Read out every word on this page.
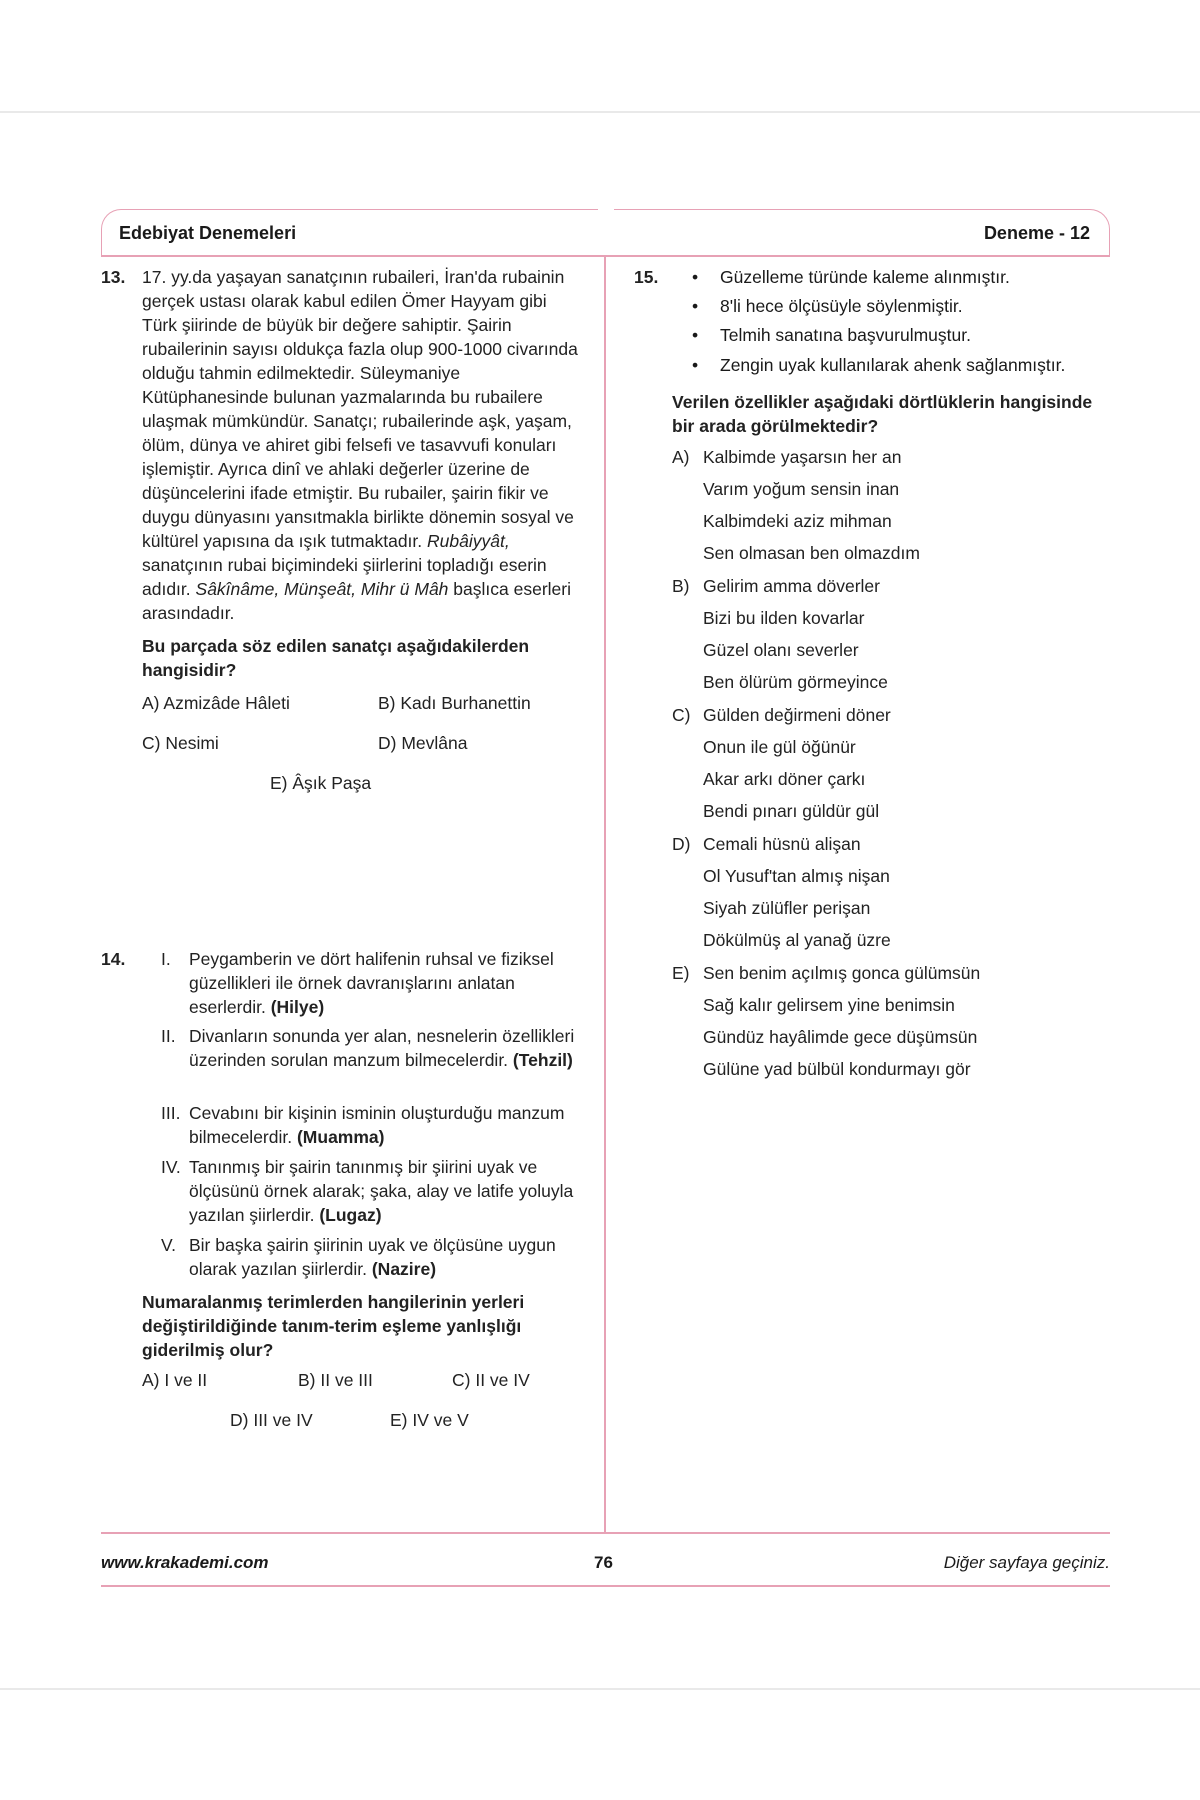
Edebiyat Denemeleri	Deneme - 12
13. 17. yy.da yaşayan sanatçının rubaileri, İran'da rubainin gerçek ustası olarak kabul edilen Ömer Hayyam gibi Türk şiirinde de büyük bir değere sahiptir. Şairin rubailerinin sayısı oldukça fazla olup 900-1000 civarında olduğu tahmin edilmektedir. Süleymaniye Kütüphanesinde bulunan yazmalarında bu rubailere ulaşmak mümkündür. Sanatçı; rubailerinde aşk, yaşam, ölüm, dünya ve ahiret gibi felsefi ve tasavvufi konuları işlemiştir. Ayrıca dinî ve ahlaki değerler üzerine de düşüncelerini ifade etmiştir. Bu rubailer, şairin fikir ve duygu dünyasını yansıtmakla birlikte dönemin sosyal ve kültürel yapısına da ışık tutmaktadır. Rubâiyyât, sanatçının rubai biçimindeki şiirlerini topladığı eserin adıdır. Sâkînâme, Münşeât, Mihr ü Mâh başlıca eserleri arasındadır.
Bu parçada söz edilen sanatçı aşağıdakilerden hangisidir?
A) Azmizâde Hâleti	B) Kadı Burhanettin
C) Nesimi	D) Mevlâna
E) Âşık Paşa
14. I. Peygamberin ve dört halifenin ruhsal ve fiziksel güzellikleri ile örnek davranışlarını anlatan eserlerdir. (Hilye)
II. Divanların sonunda yer alan, nesnelerin özellikleri üzerinden sorulan manzum bilmecelerdir. (Tehzil)
III. Cevabını bir kişinin isminin oluşturduğu manzum bilmecelerdir. (Muamma)
IV. Tanınmış bir şairin tanınmış bir şiirini uyak ve ölçüsünü örnek alarak; şaka, alay ve latife yoluyla yazılan şiirlerdir. (Lugaz)
V. Bir başka şairin şiirinin uyak ve ölçüsüne uygun olarak yazılan şiirlerdir. (Nazire)
Numaralanmış terimlerden hangilerinin yerleri değiştirildiğinde tanım-terim eşleme yanlışlığı giderilmiş olur?
A) I ve II	B) II ve III	C) II ve IV
D) III ve IV	E) IV ve V
15. • Güzelleme türünde kaleme alınmıştır.
• 8'li hece ölçüsüyle söylenmiştir.
• Telmih sanatına başvurulmuştur.
• Zengin uyak kullanılarak ahenk sağlanmıştır.
Verilen özellikler aşağıdaki dörtlüklerin hangisinde bir arada görülmektedir?
A) Kalbimde yaşarsın her an
Varım yoğum sensin inan
Kalbimdeki aziz mihman
Sen olmasan ben olmazdım
B) Gelirim amma döverler
Bizi bu ilden kovarlar
Güzel olanı severler
Ben ölürüm görmeyince
C) Gülden değirmeni döner
Onun ile gül öğünür
Akar arkı döner çarkı
Bendi pınarı güldür gül
D) Cemali hüsnü alişan
Ol Yusuf'tan almış nişan
Siyah zülüfler perişan
Dökülmüş al yanağ üzre
E) Sen benim açılmış gonca gülümsün
Sağ kalır gelirsem yine benimsin
Gündüz hayâlimde gece düşümsün
Gülüne yad bülbül kondurmayı gör
www.krakademi.com	76	Diğer sayfaya geçiniz.
